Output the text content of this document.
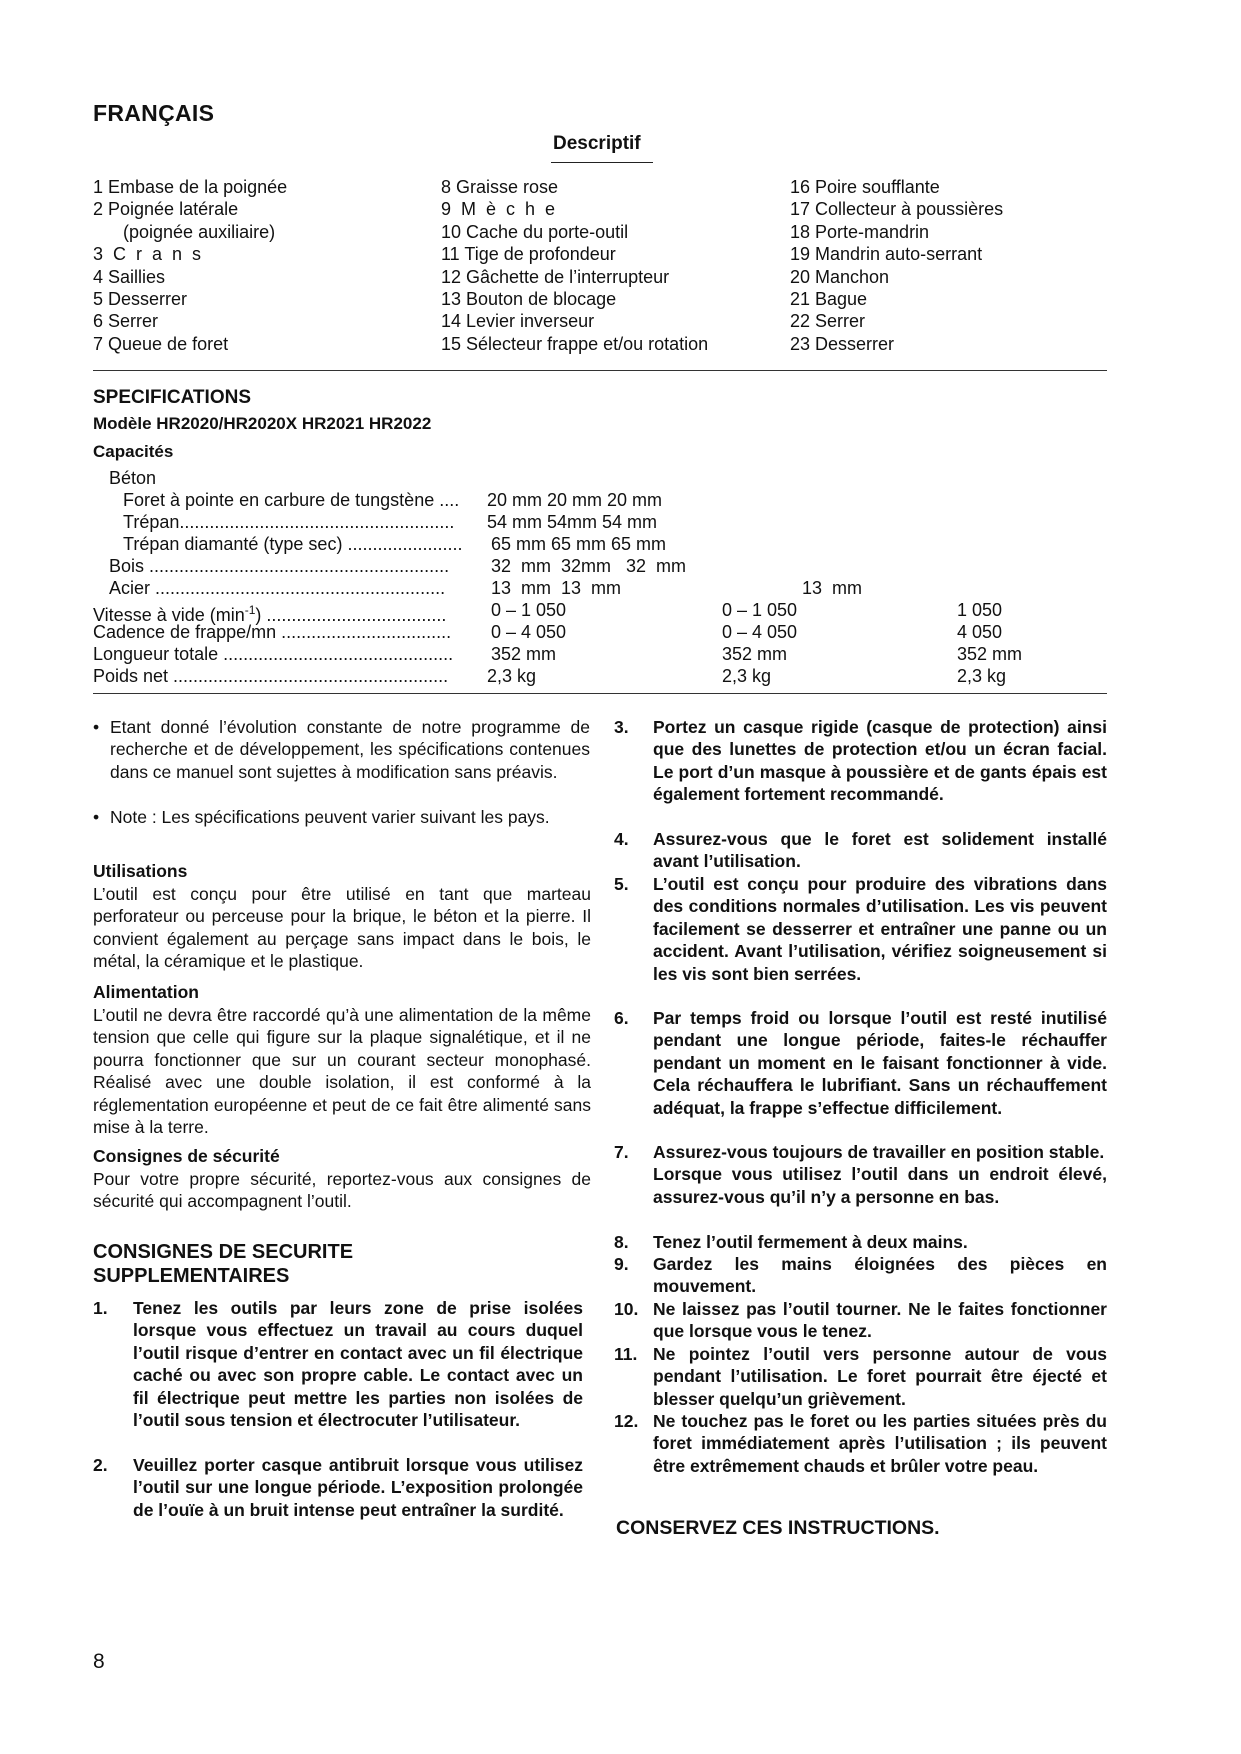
FRANÇAIS
Descriptif
1 Embase de la poignée
2 Poignée latérale
(poignée auxiliaire)
3  C  r  a  n  s
4 Saillies
5 Desserrer
6 Serrer
7 Queue de foret
8 Graisse rose
9  M  è  c  h  e
10 Cache du porte-outil
11 Tige de profondeur
12 Gâchette de l’interrupteur
13 Bouton de blocage
14 Levier inverseur
15 Sélecteur frappe et/ou rotation
16 Poire soufflante
17 Collecteur à poussières
18 Porte-mandrin
19 Mandrin auto-serrant
20 Manchon
21 Bague
22 Serrer
23 Desserrer
SPECIFICATIONS
Modèle HR2020/HR2020X HR2021 HR2022
Capacités
Béton
Foret à pointe en carbure de tungstène .... 20 mm 20 mm 20 mm
Trépan....................................................... 54 mm 54mm 54 mm
Trépan diamanté (type sec) ....................... 65 mm 65 mm 65 mm
Bois ............................................................ 32  mm  32mm   32  mm
Acier ..........................................................	13  mm  13  mm	13  mm
Vitesse à vide $(\min^{-1})$ .................................... 0 – 1 050	0 – 1 050	1 050
Cadence de frappe/mn .................................. 0 – 4 050	0 – 4 050	4 050
Longueur totale .............................................. 352 mm	352 mm	352 mm
Poids net ....................................................... 2,3 kg	2,3 kg	2,3 kg
• Etant donné l’évolution constante de notre programme de recherche et de développement, les spécifications contenues dans ce manuel sont sujettes à modification sans préavis.
• Note : Les spécifications peuvent varier suivant les pays.
Utilisations
L’outil est conçu pour être utilisé en tant que marteau perforateur ou perceuse pour la brique, le béton et la pierre. Il convient également au perçage sans impact dans le bois, le métal, la céramique et le plastique.
Alimentation
L’outil ne devra être raccordé qu’à une alimentation de la même tension que celle qui figure sur la plaque signalétique, et il ne pourra fonctionner que sur un courant secteur monophasé. Réalisé avec une double isolation, il est conformé à la réglementation européenne et peut de ce fait être alimenté sans mise à la terre.
Consignes de sécurité
Pour votre propre sécurité, reportez-vous aux consignes de sécurité qui accompagnent l’outil.
CONSIGNES DE SECURITE
SUPPLEMENTAIRES
1. Tenez les outils par leurs zone de prise isolées lorsque vous effectuez un travail au cours duquel l’outil risque d’entrer en contact avec un fil électrique caché ou avec son propre cable. Le contact avec un fil électrique peut mettre les parties non isolées de l’outil sous tension et électrocuter l’utilisateur.
2. Veuillez porter casque antibruit lorsque vous utilisez l’outil sur une longue période. L’exposition prolongée de l’ouïe à un bruit intense peut entraîner la surdité.
3. Portez un casque rigide (casque de protection) ainsi que des lunettes de protection et/ou un écran facial. Le port d’un masque à poussière et de gants épais est également fortement recommandé.
4. Assurez-vous que le foret est solidement installé avant l’utilisation.
5. L’outil est conçu pour produire des vibrations dans des conditions normales d’utilisation. Les vis peuvent facilement se desserrer et entraîner une panne ou un accident. Avant l’utilisation, vérifiez soigneusement si les vis sont bien serrées.
6. Par temps froid ou lorsque l’outil est resté inutilisé pendant une longue période, faites-le réchauffer pendant un moment en le faisant fonctionner à vide. Cela réchauffera le lubrifiant. Sans un réchauffement adéquat, la frappe s’effectue difficilement.
7. Assurez-vous toujours de travailler en position stable.
Lorsque vous utilisez l’outil dans un endroit élevé, assurez-vous qu’il n’y a personne en bas.
8. Tenez l’outil fermement à deux mains.
9. Gardez les mains éloignées des pièces en mouvement.
10. Ne laissez pas l’outil tourner. Ne le faites fonctionner que lorsque vous le tenez.
11. Ne pointez l’outil vers personne autour de vous pendant l’utilisation. Le foret pourrait être éjecté et blesser quelqu’un grièvement.
12. Ne touchez pas le foret ou les parties situées près du foret immédiatement après l’utilisation ; ils peuvent être extrêmement chauds et brûler votre peau.
CONSERVEZ CES INSTRUCTIONS.
8
